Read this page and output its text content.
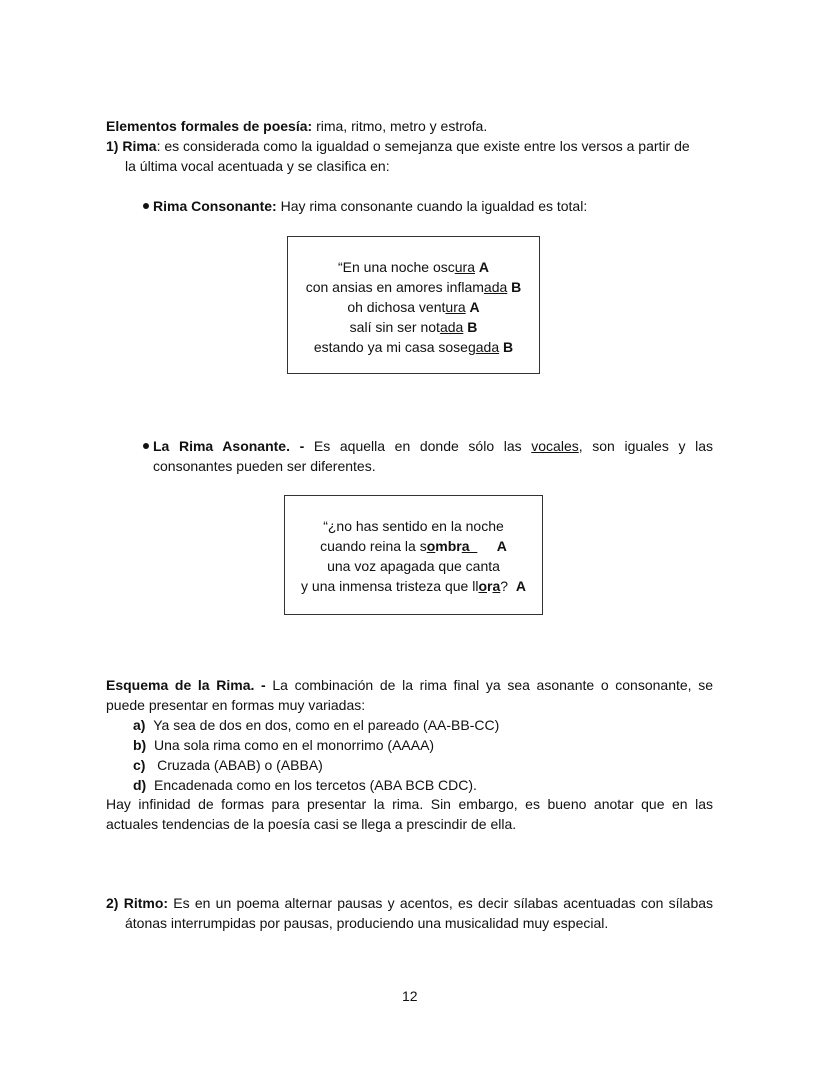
Elementos formales de poesía: rima, ritmo, metro y estrofa.
1) Rima: es considerada como la igualdad o semejanza que existe entre los versos a partir de
la última vocal acentuada y se clasifica en:
Rima Consonante: Hay rima consonante cuando la igualdad es total:
“En una noche oscura A
con ansias en amores inflamada B
oh dichosa ventura A
salí sin ser notada B
estando ya mi casa sosegada B
La Rima Asonante. - Es aquella en donde sólo las vocales, son iguales y las
consonantes pueden ser diferentes.
“¿no has sentido en la noche
cuando reina la sombra A
una voz apagada que canta
y una inmensa tristeza que llora? A
Esquema de la Rima. - La combinación de la rima final ya sea asonante o consonante, se
puede presentar en formas muy variadas:
a) Ya sea de dos en dos, como en el pareado (AA-BB-CC)
b) Una sola rima como en el monorrimo (AAAA)
c) Cruzada (ABAB) o (ABBA)
d) Encadenada como en los tercetos (ABA BCB CDC).
Hay infinidad de formas para presentar la rima. Sin embargo, es bueno anotar que en las
actuales tendencias de la poesía casi se llega a prescindir de ella.
2) Ritmo: Es en un poema alternar pausas y acentos, es decir sílabas acentuadas con sílabas
átonas interrumpidas por pausas, produciendo una musicalidad muy especial.
12
